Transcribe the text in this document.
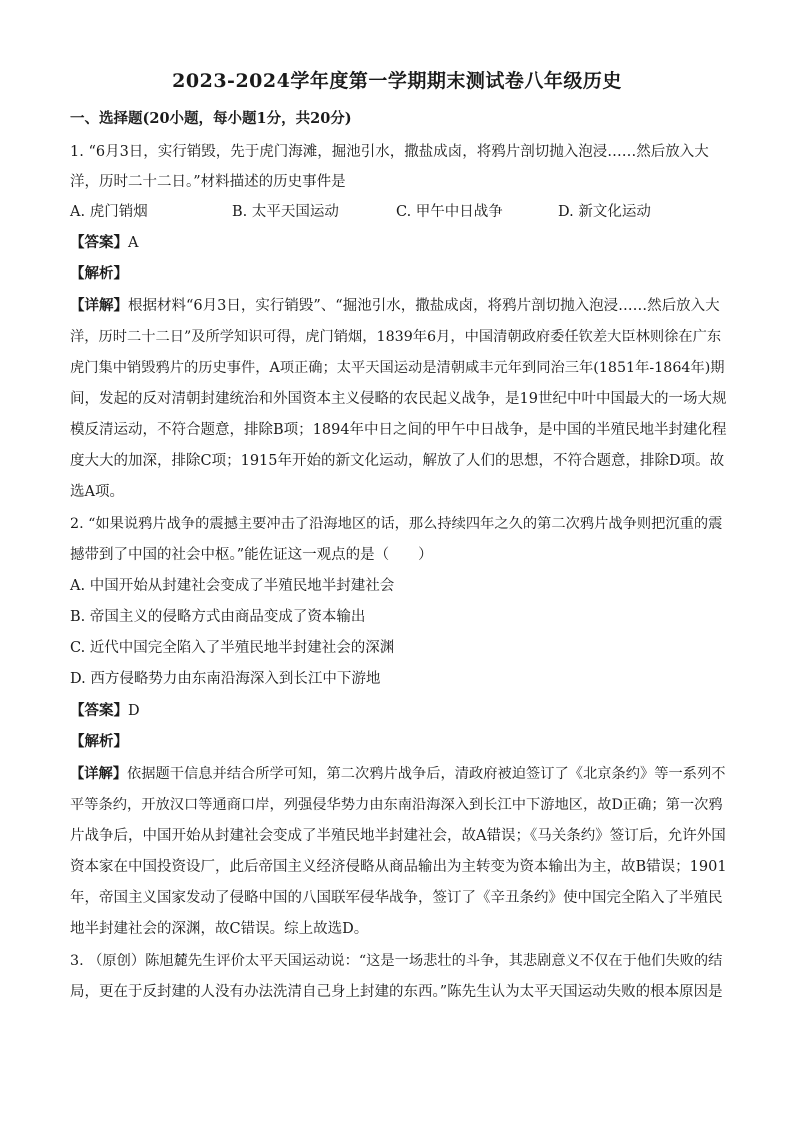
2023-2024学年度第一学期期末测试卷八年级历史
一、选择题(20小题，每小题1分，共20分)
1. “6月3日，实行销毁，先于虎门海滩，掘池引水，撒盐成卤，将鸦片剖切抛入泡浸……然后放入大
洋，历时二十二日。”材料描述的历史事件是
A. 虎门销烟	B. 太平天国运动	C. 甲午中日战争	D. 新文化运动
【答案】A
【解析】
【详解】根据材料“6月3日，实行销毁”、“掘池引水，撒盐成卤，将鸦片剖切抛入泡浸……然后放入大
洋，历时二十二日”及所学知识可得，虎门销烟，1839年6月，中国清朝政府委任钦差大臣林则徐在广东
虎门集中销毁鸦片的历史事件，A项正确；太平天国运动是清朝咸丰元年到同治三年(1851年-1864年)期
间，发起的反对清朝封建统治和外国资本主义侵略的农民起义战争，是19世纪中叶中国最大的一场大规
模反清运动，不符合题意，排除B项；1894年中日之间的甲午中日战争，是中国的半殖民地半封建化程
度大大的加深，排除C项；1915年开始的新文化运动，解放了人们的思想，不符合题意，排除D项。故
选A项。
2. “如果说鸦片战争的震撼主要冲击了沿海地区的话，那么持续四年之久的第二次鸦片战争则把沉重的震
撼带到了中国的社会中枢。”能佐证这一观点的是（　　）
A. 中国开始从封建社会变成了半殖民地半封建社会
B. 帝国主义的侵略方式由商品变成了资本输出
C. 近代中国完全陷入了半殖民地半封建社会的深渊
D. 西方侵略势力由东南沿海深入到长江中下游地
【答案】D
【解析】
【详解】依据题干信息并结合所学可知，第二次鸦片战争后，清政府被迫签订了《北京条约》等一系列不
平等条约，开放汉口等通商口岸，列强侵华势力由东南沿海深入到长江中下游地区，故D正确；第一次鸦
片战争后，中国开始从封建社会变成了半殖民地半封建社会，故A错误；《马关条约》签订后，允许外国
资本家在中国投资设厂，此后帝国主义经济侵略从商品输出为主转变为资本输出为主，故B错误；1901
年，帝国主义国家发动了侵略中国的八国联军侵华战争，签订了《辛丑条约》使中国完全陷入了半殖民
地半封建社会的深渊，故C错误。综上故选D。
3. （原创）陈旭麓先生评价太平天国运动说：“这是一场悲壮的斗争，其悲剧意义不仅在于他们失败的结
局，更在于反封建的人没有办法洗清自己身上封建的东西。”陈先生认为太平天国运动失败的根本原因是
